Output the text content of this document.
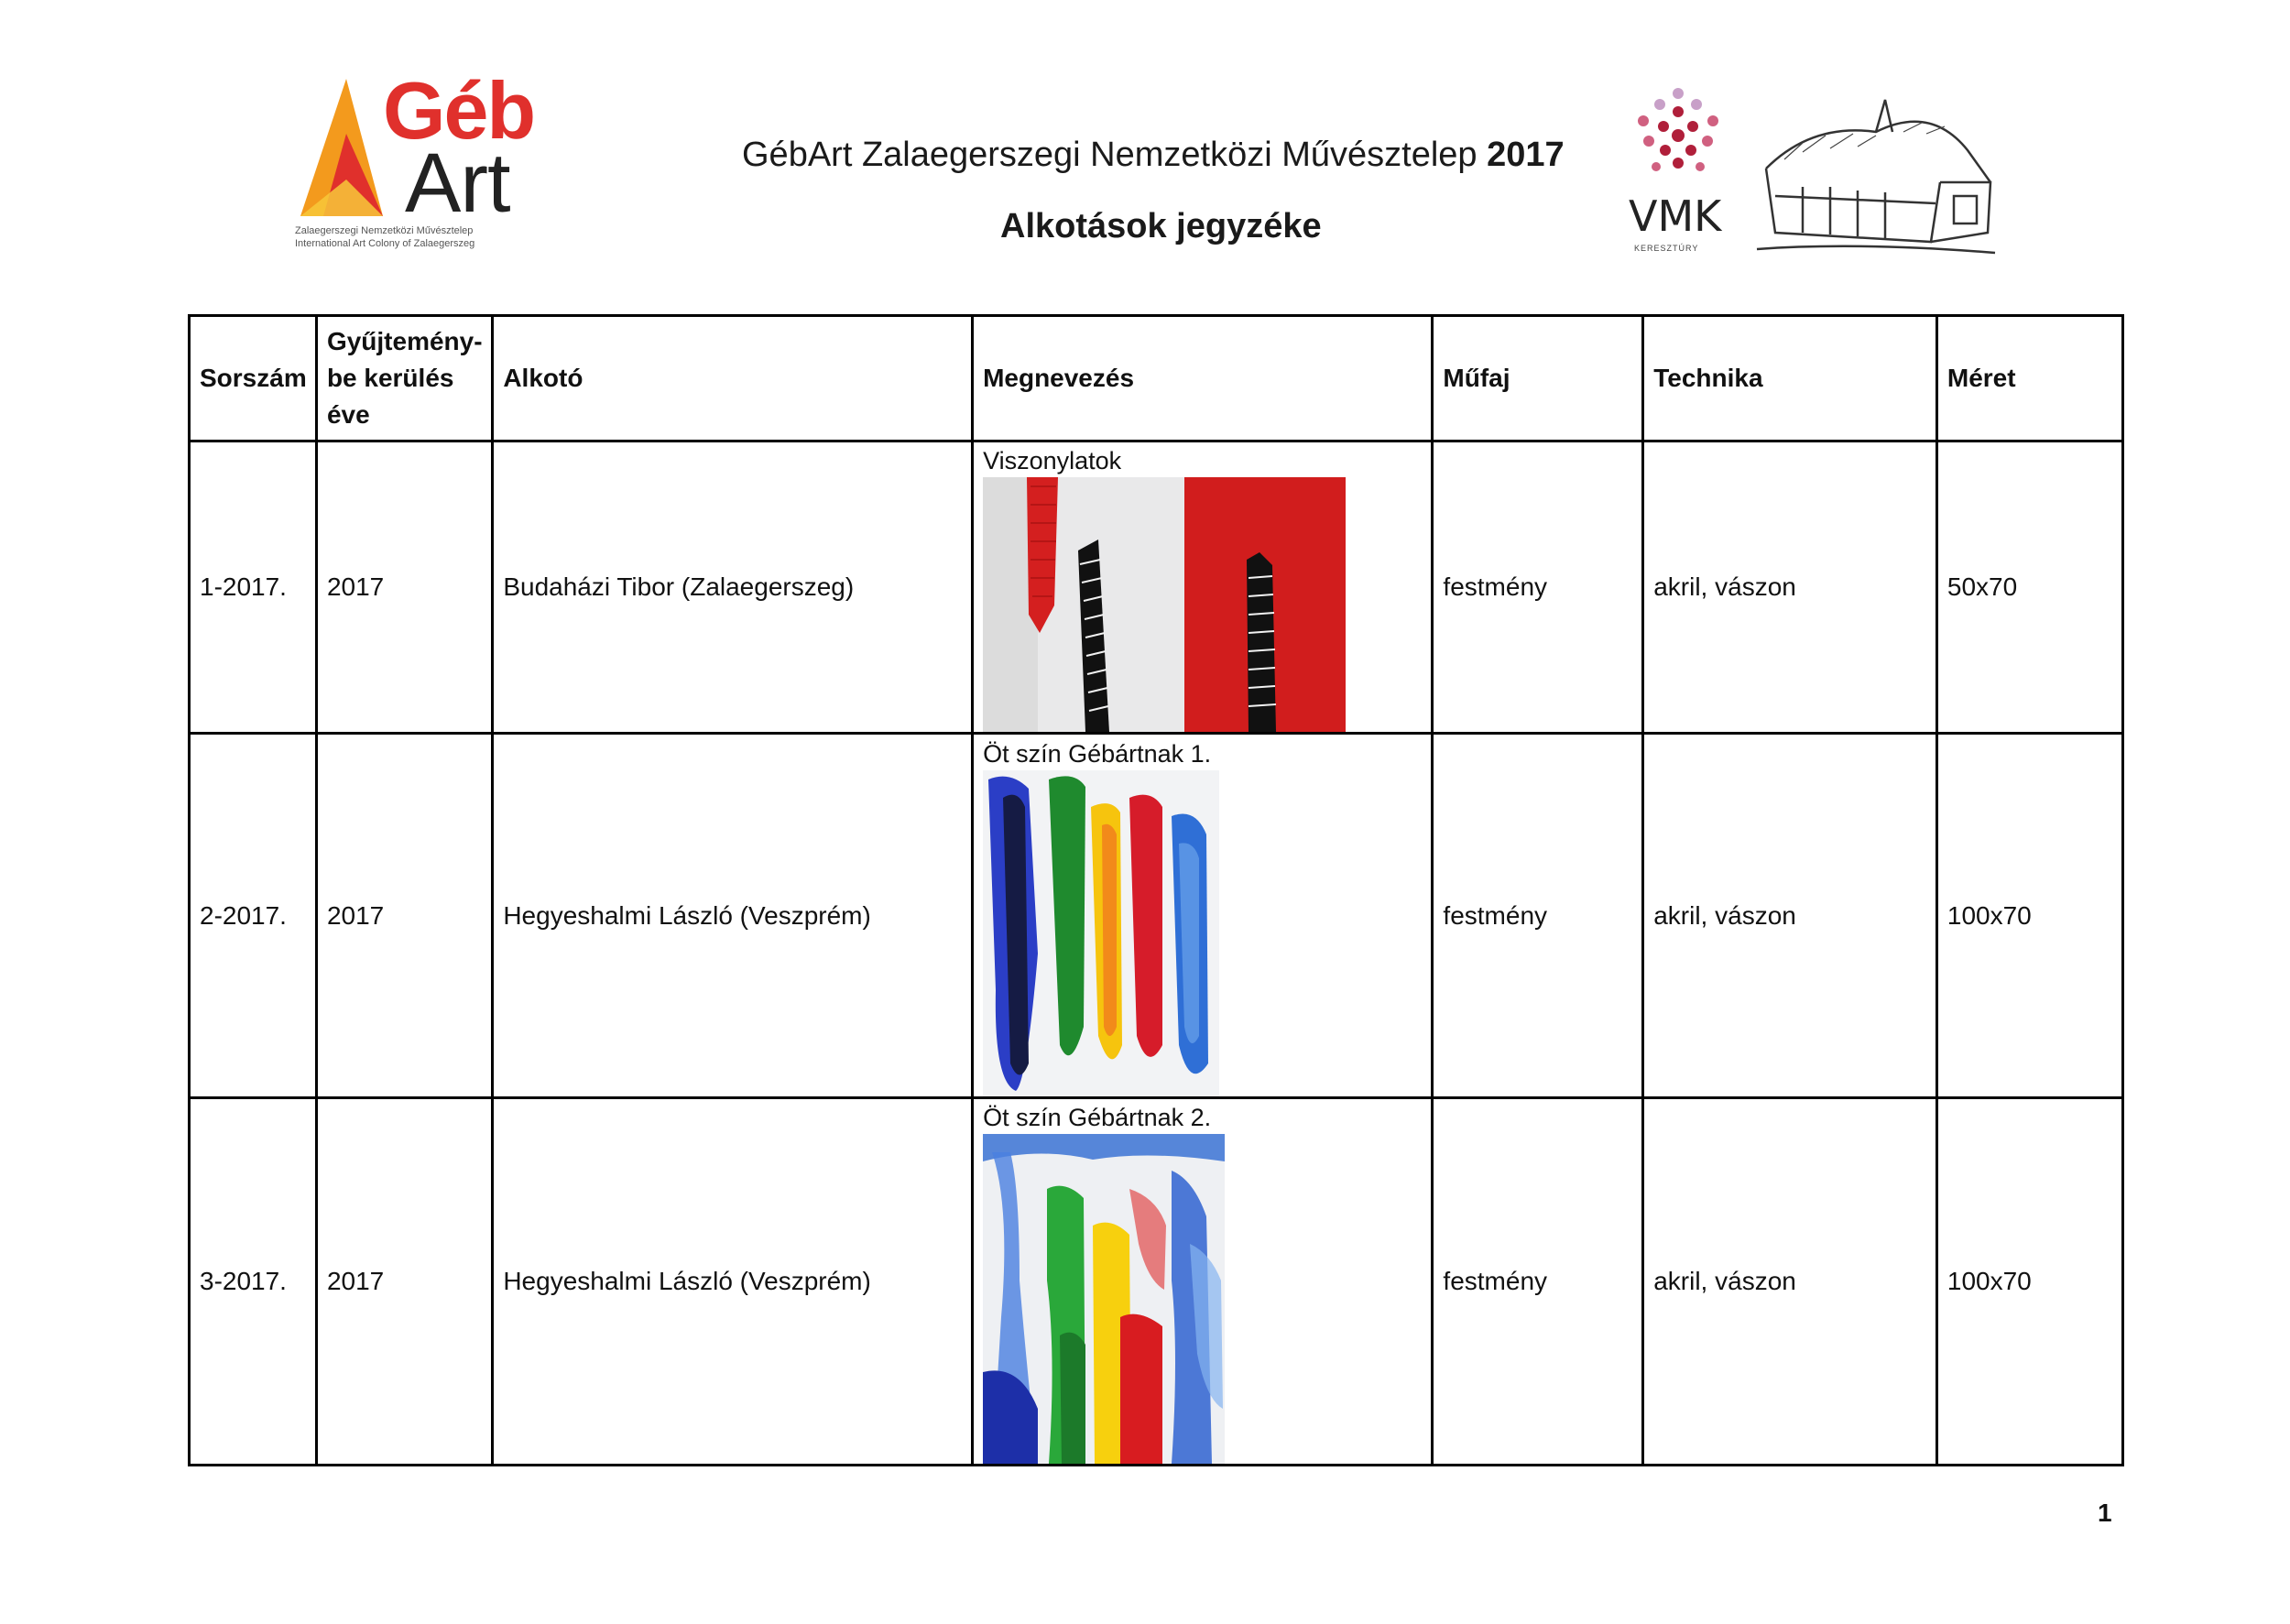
Géb
Art
Zalaegerszegi Nemzetközi Művésztelep
International Art Colony of Zalaegerszeg
GébArt Zalaegerszegi Nemzetközi Művésztelep 2017
Alkotások jegyzéke	VMK
KERESZTÚRY
Sorszám	Gyűjtemény-be kerülés éve	Alkotó	Megnevezés	Műfaj	Technika	Méret
1-2017.	2017	Budaházi Tibor (Zalaegerszeg)	Viszonylatok	festmény	akril, vászon	50x70
2-2017.	2017	Hegyeshalmi László (Veszprém)	Öt szín Gébártnak 1.	festmény	akril, vászon	100x70
3-2017.	2017	Hegyeshalmi László (Veszprém)	Öt szín Gébártnak 2.	festmény	akril, vászon	100x70
1
